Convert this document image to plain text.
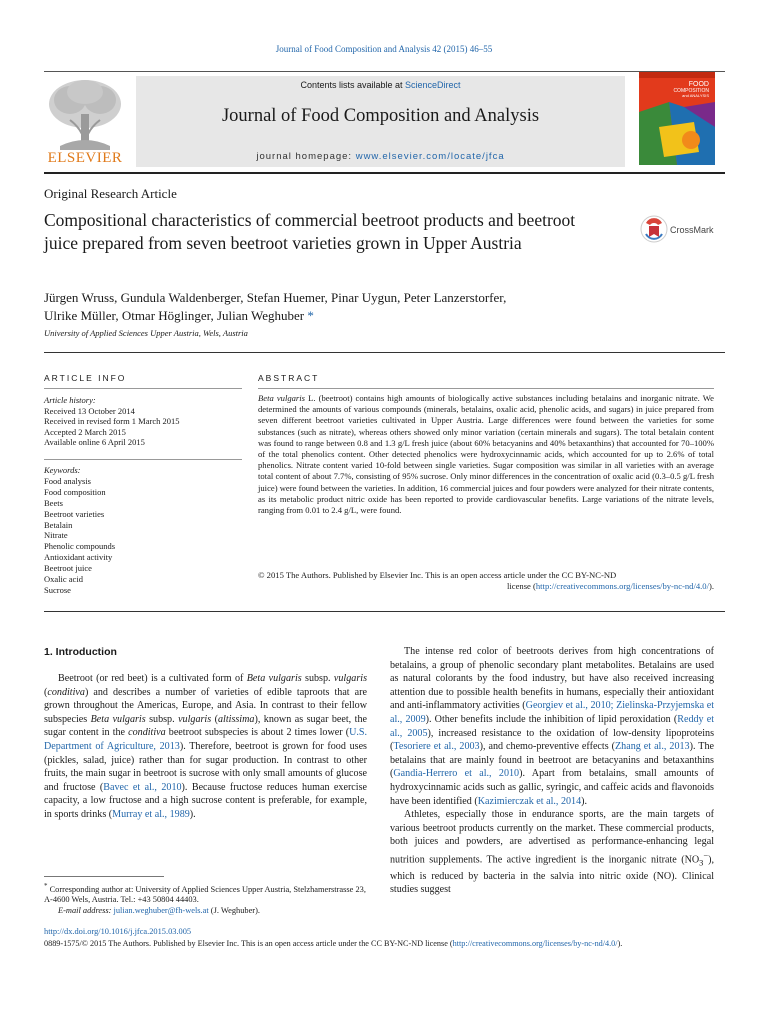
Journal of Food Composition and Analysis 42 (2015) 46–55
ELSEVIER
Contents lists available at ScienceDirect
Journal of Food Composition and Analysis
journal homepage: www.elsevier.com/locate/jfca
FOOD
COMPOSITION
and ANALYSIS
Original Research Article
Compositional characteristics of commercial beetroot products and beetroot juice prepared from seven beetroot varieties grown in Upper Austria
CrossMark
Jürgen Wruss, Gundula Waldenberger, Stefan Huemer, Pinar Uygun, Peter Lanzerstorfer,
Ulrike Müller, Otmar Höglinger, Julian Weghuber *
University of Applied Sciences Upper Austria, Wels, Austria
ARTICLE INFO
Article history:
Received 13 October 2014
Received in revised form 1 March 2015
Accepted 2 March 2015
Available online 6 April 2015
Keywords:
Food analysis
Food composition
Beets
Beetroot varieties
Betalain
Nitrate
Phenolic compounds
Antioxidant activity
Beetroot juice
Oxalic acid
Sucrose
ABSTRACT
Beta vulgaris L. (beetroot) contains high amounts of biologically active substances including betalains and inorganic nitrate. We determined the amounts of various compounds (minerals, betalains, oxalic acid, phenolic acids, and sugars) in juice prepared from seven different beetroot varieties cultivated in Upper Austria. Large differences were found between the varieties for some substances (such as nitrate), whereas others showed only minor variation (certain minerals and sugars). The total betalain content was found to range between 0.8 and 1.3 g/L fresh juice (about 60% betacyanins and 40% betaxanthins) that accounted for 70–100% of the total phenolics content. Other detected phenolics were hydroxycinnamic acids, which accounted for up to 2.6% of total phenolics. Nitrate content varied 10-fold between single varieties. Sugar composition was similar in all varieties with an average total content of about 7.7%, consisting of 95% sucrose. Only minor differences in the concentration of oxalic acid (0.3–0.5 g/L fresh juice) were found between the varieties. In addition, 16 commercial juices and four powders were analyzed for their nitrate contents, as its metabolic product nitric oxide has been reported to provide cardiovascular benefits. Large variations of the nitrate levels, ranging from 0.01 to 2.4 g/L, were found.
© 2015 The Authors. Published by Elsevier Inc. This is an open access article under the CC BY-NC-ND
license (http://creativecommons.org/licenses/by-nc-nd/4.0/).
1. Introduction

Beetroot (or red beet) is a cultivated form of Beta vulgaris subsp. vulgaris (conditiva) and describes a number of varieties of edible taproots that are grown throughout the Americas, Europe, and Asia. In contrast to their fellow subspecies Beta vulgaris subsp. vulgaris (altissima), known as sugar beet, the sugar content in the conditiva beetroot subspecies is about 2 times lower (U.S. Department of Agriculture, 2013). Therefore, beetroot is grown for food uses (pickles, salad, juice) rather than for sugar production. In contrast to other fruits, the main sugar in beetroot is sucrose with only small amounts of glucose and fructose (Bavec et al., 2010). Because fructose reduces human exercise capacity, a low fructose and a high sucrose content is preferable, for example, in sports drinks (Murray et al., 1989).

The intense red color of beetroots derives from high concentrations of betalains, a group of phenolic secondary plant metabolites. Betalains are used as natural colorants by the food industry, but have also received increasing attention due to possible health benefits in humans, especially their antioxidant and anti-inflammatory activities (Georgiev et al., 2010; Zielinska-Przyjemska et al., 2009). Other benefits include the inhibition of lipid peroxidation (Reddy et al., 2005), increased resistance to the oxidation of low-density lipoproteins (Tesoriere et al., 2003), and chemo-preventive effects (Zhang et al., 2013). The betalains that are mainly found in beetroot are betacyanins and betaxanthins (Gandia-Herrero et al., 2010). Apart from betalains, small amounts of hydroxycinnamic acids such as gallic, syringic, and caffeic acids and flavonoids have been identified (Kazimierczak et al., 2014).

Athletes, especially those in endurance sports, are the main targets of various beetroot products currently on the market. These commercial products, both juices and powders, are advertised as performance-enhancing legal nutrition supplements. The active ingredient is the inorganic nitrate $(NO_3^-)$, which is reduced by bacteria in the salvia into nitric oxide (NO). Clinical studies suggest

* Corresponding author at: University of Applied Sciences Upper Austria, Stelzhamerstrasse 23, A-4600 Wels, Austria. Tel.: +43 50804 44403.
E-mail address: julian.weghuber@fh-wels.at (J. Weghuber).
http://dx.doi.org/10.1016/j.jfca.2015.03.005
0889-1575/© 2015 The Authors. Published by Elsevier Inc. This is an open access article under the CC BY-NC-ND license (http://creativecommons.org/licenses/by-nc-nd/4.0/).
